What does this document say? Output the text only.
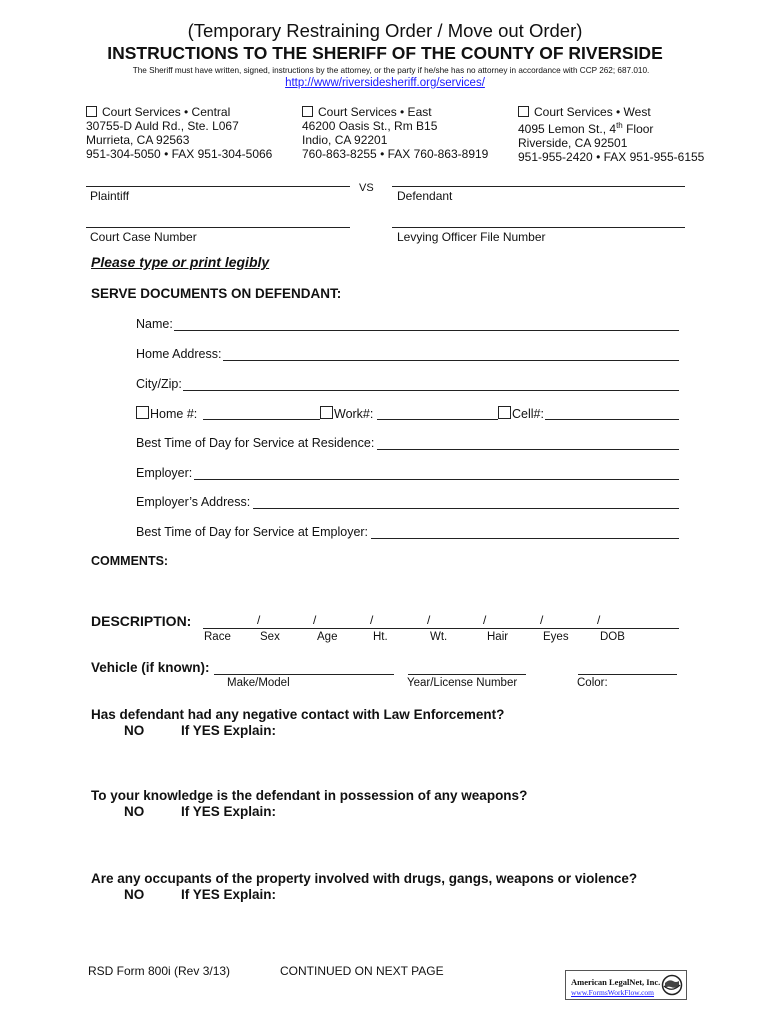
(Temporary Restraining Order / Move out Order)
INSTRUCTIONS TO THE SHERIFF OF THE COUNTY OF RIVERSIDE
The Sheriff must have written, signed, instructions by the attorney, or the party if he/she has no attorney in accordance with CCP 262; 687.010.
http://www/riversidesheriff.org/services/
Court Services • Central
30755-D Auld Rd., Ste. L067
Murrieta, CA 92563
951-304-5050 • FAX 951-304-5066
Court Services • East
46200 Oasis St., Rm B15
Indio, CA 92201
760-863-8255 • FAX 760-863-8919
Court Services • West
4095 Lemon St., 4th Floor
Riverside, CA 92501
951-955-2420 • FAX 951-955-6155
Plaintiff
VS
Defendant
Court Case Number	Levying Officer File Number
Please type or print legibly
SERVE DOCUMENTS ON DEFENDANT:
Name:
Home Address:
City/Zip:
Home #:	Work#:	Cell#:
Best Time of Day for Service at Residence:
Employer:
Employer’s Address:
Best Time of Day for Service at Employer:
COMMENTS:
DESCRIPTION:	/	/	/	/	/	/	/
Race	Sex	Age	Ht.	Wt.	Hair	Eyes	DOB
Vehicle (if known):
Make/Model	Year/License Number	Color:
Has defendant had any negative contact with Law Enforcement?
NO	If YES Explain:
To your knowledge is the defendant in possession of any weapons?
NO	If YES Explain:
Are any occupants of the property involved with drugs, gangs, weapons or violence?
NO	If YES Explain:
RSD Form 800i (Rev 3/13)	CONTINUED ON NEXT PAGE
American LegalNet, Inc.
www.FormsWorkFlow.com
